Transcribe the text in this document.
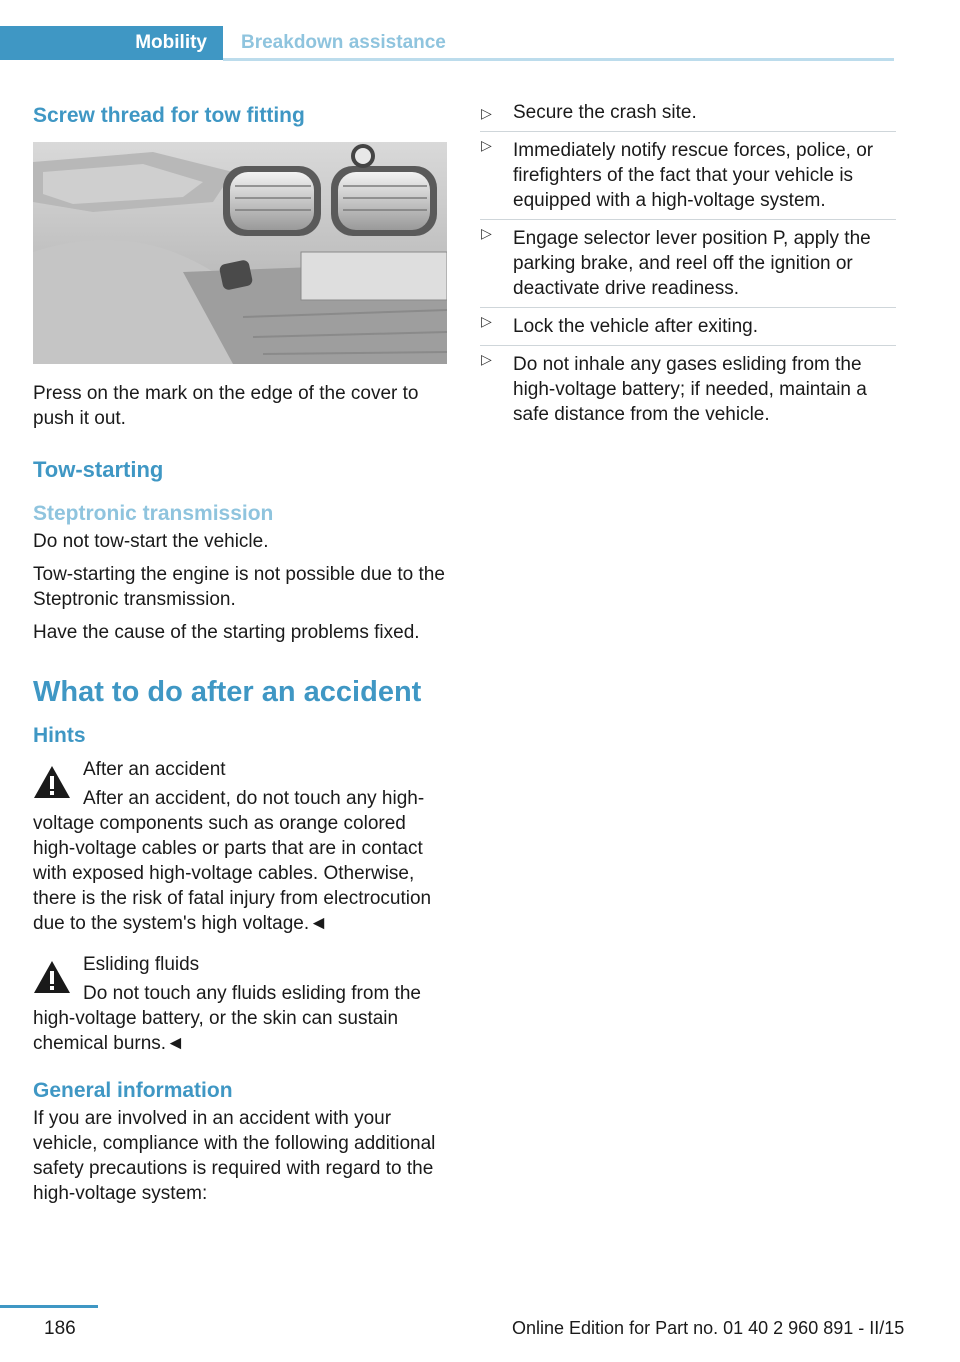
Mobility	Breakdown assistance
Screw thread for tow fitting

Press on the mark on the edge of the cover to push it out.

Tow-starting
Steptronic transmission

Do not tow-start the vehicle.

Tow-starting the engine is not possible due to the Steptronic transmission.

Have the cause of the starting problems fixed.

What to do after an accident
Hints

After an accident

After an accident, do not touch any high-voltage components such as orange colored high-voltage cables or parts that are in contact with exposed high-voltage cables. Otherwise, there is the risk of fatal injury from electrocution due to the system's high voltage.◄

Esliding fluids

Do not touch any fluids esliding from the high-voltage battery, or the skin can sustain chemical burns.◄

General information

If you are involved in an accident with your vehicle, compliance with the following additional safety precautions is required with regard to the high-voltage system:

▷ Secure the crash site.
▷ Immediately notify rescue forces, police, or firefighters of the fact that your vehicle is equipped with a high-voltage system.
▷ Engage selector lever position P, apply the parking brake, and reel off the ignition or deactivate drive readiness.
▷ Lock the vehicle after exiting.
▷ Do not inhale any gases esliding from the high-voltage battery; if needed, maintain a safe distance from the vehicle.
186	Online Edition for Part no. 01 40 2 960 891 - II/15
